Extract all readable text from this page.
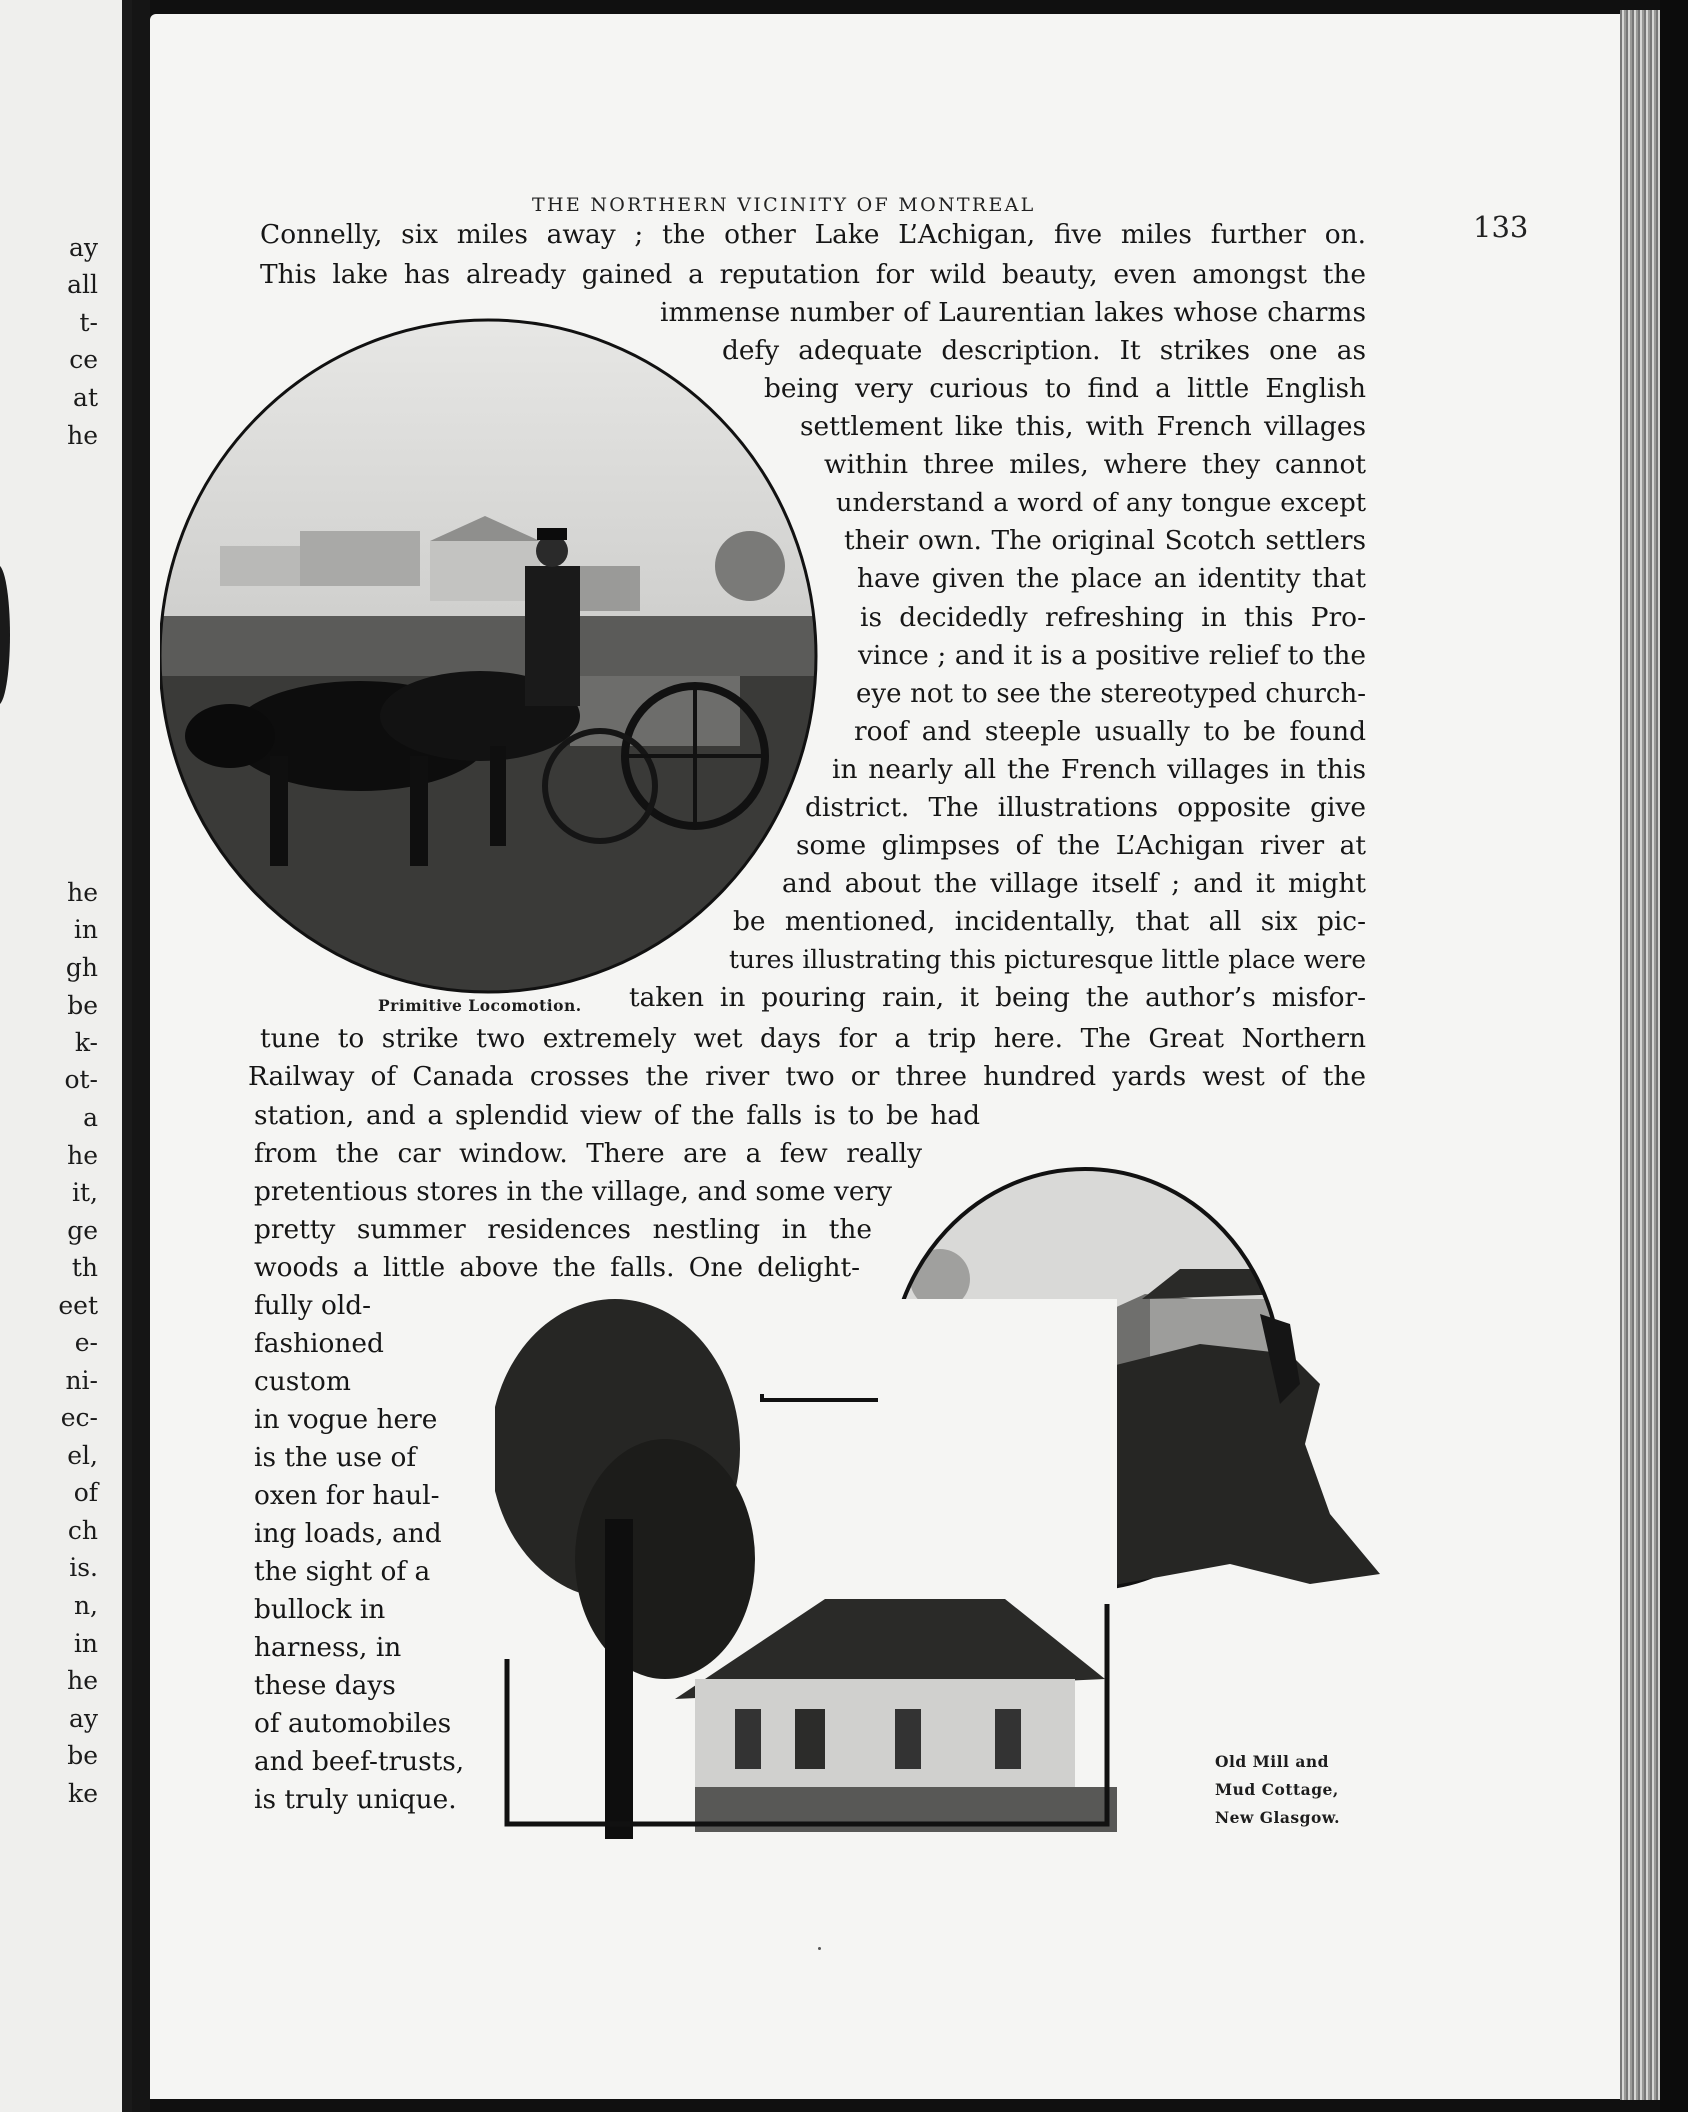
ay
all
t-
ce
at
he
he
in
gh
be
k-
ot-
a
he
it,
ge
th
eet
e-
ni-
ec-
el,
of
ch
is.
n,
in
he
ay
be
ke
THE NORTHERN VICINITY OF MONTREAL
133
Primitive Locomotion.
Old Mill and
Mud Cottage,
New Glasgow.
Connelly, six miles away ; the other Lake L’Achigan, five miles further on.
This lake has already gained a reputation for wild beauty, even amongst the
immense number of Laurentian lakes whose charms
defy adequate description. It strikes one as
being very curious to find a little English
settlement like this, with French villages
within three miles, where they cannot
understand a word of any tongue except
their own. The original Scotch settlers
have given the place an identity that
is decidedly refreshing in this Pro-
vince ; and it is a positive relief to the
eye not to see the stereotyped church-
roof and steeple usually to be found
in nearly all the French villages in this
district. The illustrations opposite give
some glimpses of the L’Achigan river at
and about the village itself ; and it might
be mentioned, incidentally, that all six pic-
tures illustrating this picturesque little place were
taken in pouring rain, it being the author’s misfor-
tune to strike two extremely wet days for a trip here. The Great Northern
Railway of Canada crosses the river two or three hundred yards west of the
station, and a splendid view of the falls is to be had
from the car window. There are a few really
pretentious stores in the village, and some very
pretty summer residences nestling in the
woods a little above the falls. One delight-
fully old-
fashioned
custom
in vogue here
is the use of
oxen for haul-
ing loads, and
the sight of a
bullock in
harness, in
these days
of automobiles
and beef-trusts,
is truly unique.
